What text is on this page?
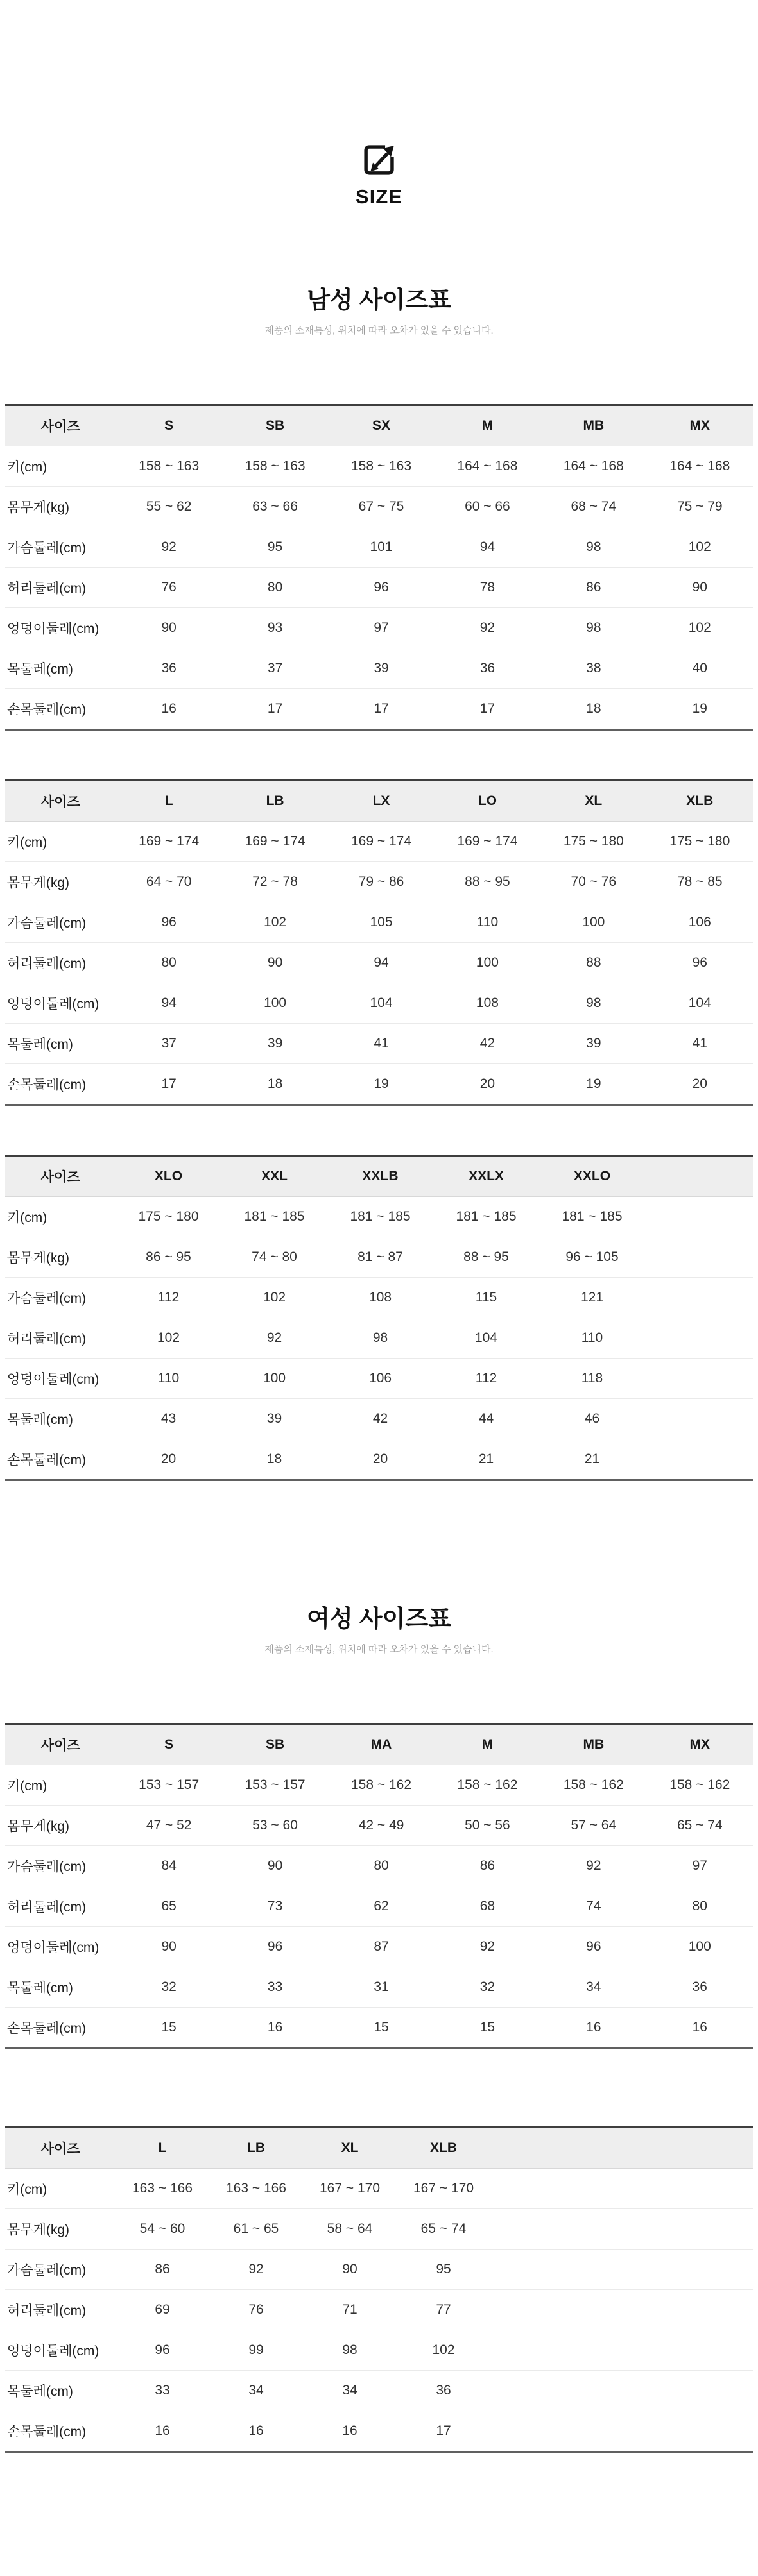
SIZE
남성 사이즈표

제품의 소재특성, 위치에 따라 오차가 있을 수 있습니다.

사이즈	S	SB	SX	M	MB	MX
키(cm)	158 ~ 163	158 ~ 163	158 ~ 163	164 ~ 168	164 ~ 168	164 ~ 168
몸무게(kg)	55 ~ 62	63 ~ 66	67 ~ 75	60 ~ 66	68 ~ 74	75 ~ 79
가슴둘레(cm)	92	95	101	94	98	102
허리둘레(cm)	76	80	96	78	86	90
엉덩이둘레(cm)	90	93	97	92	98	102
목둘레(cm)	36	37	39	36	38	40
손목둘레(cm)	16	17	17	17	18	19
사이즈	L	LB	LX	LO	XL	XLB
키(cm)	169 ~ 174	169 ~ 174	169 ~ 174	169 ~ 174	175 ~ 180	175 ~ 180
몸무게(kg)	64 ~ 70	72 ~ 78	79 ~ 86	88 ~ 95	70 ~ 76	78 ~ 85
가슴둘레(cm)	96	102	105	110	100	106
허리둘레(cm)	80	90	94	100	88	96
엉덩이둘레(cm)	94	100	104	108	98	104
목둘레(cm)	37	39	41	42	39	41
손목둘레(cm)	17	18	19	20	19	20
사이즈	XLO	XXL	XXLB	XXLX	XXLO	
키(cm)	175 ~ 180	181 ~ 185	181 ~ 185	181 ~ 185	181 ~ 185	
몸무게(kg)	86 ~ 95	74 ~ 80	81 ~ 87	88 ~ 95	96 ~ 105	
가슴둘레(cm)	112	102	108	115	121	
허리둘레(cm)	102	92	98	104	110	
엉덩이둘레(cm)	110	100	106	112	118	
목둘레(cm)	43	39	42	44	46	
손목둘레(cm)	20	18	20	21	21	
여성 사이즈표

제품의 소재특성, 위치에 따라 오차가 있을 수 있습니다.

사이즈	S	SB	MA	M	MB	MX
키(cm)	153 ~ 157	153 ~ 157	158 ~ 162	158 ~ 162	158 ~ 162	158 ~ 162
몸무게(kg)	47 ~ 52	53 ~ 60	42 ~ 49	50 ~ 56	57 ~ 64	65 ~ 74
가슴둘레(cm)	84	90	80	86	92	97
허리둘레(cm)	65	73	62	68	74	80
엉덩이둘레(cm)	90	96	87	92	96	100
목둘레(cm)	32	33	31	32	34	36
손목둘레(cm)	15	16	15	15	16	16
사이즈	L	LB	XL	XLB	
키(cm)	163 ~ 166	163 ~ 166	167 ~ 170	167 ~ 170	
몸무게(kg)	54 ~ 60	61 ~ 65	58 ~ 64	65 ~ 74	
가슴둘레(cm)	86	92	90	95	
허리둘레(cm)	69	76	71	77	
엉덩이둘레(cm)	96	99	98	102	
목둘레(cm)	33	34	34	36	
손목둘레(cm)	16	16	16	17	
